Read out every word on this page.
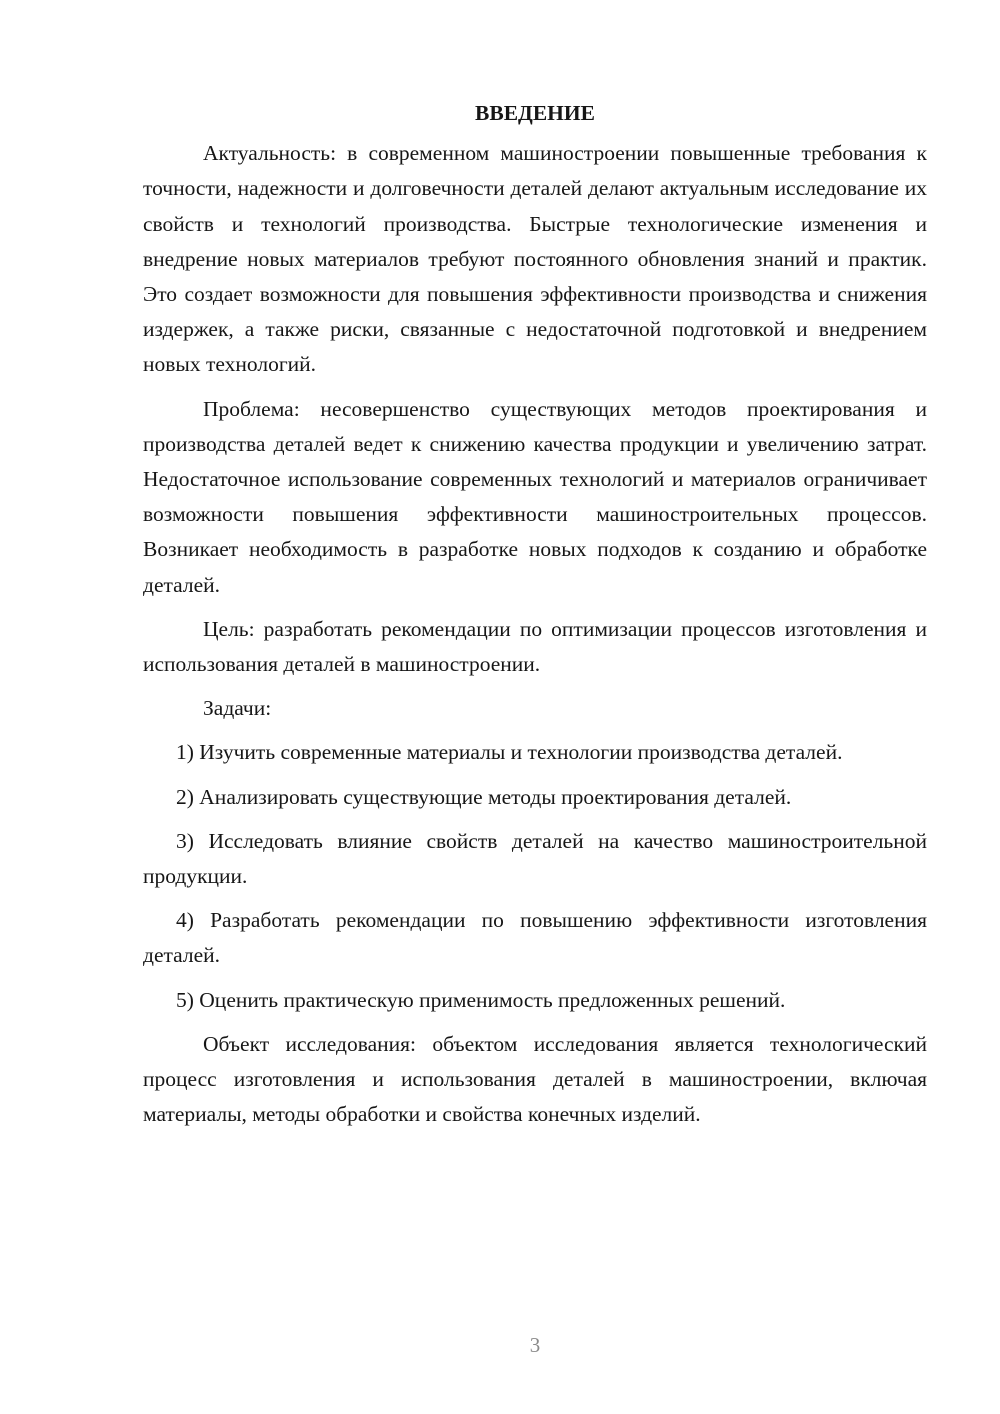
ВВЕДЕНИЕ

Актуальность: в современном машиностроении повышенные требования к точности, надежности и долговечности деталей делают актуальным исследование их свойств и технологий производства. Быстрые технологические изменения и внедрение новых материалов требуют постоянного обновления знаний и практик. Это создает возможности для повышения эффективности производства и снижения издержек, а также риски, связанные с недостаточной подготовкой и внедрением новых технологий.

Проблема: несовершенство существующих методов проектирования и производства деталей ведет к снижению качества продукции и увеличению затрат. Недостаточное использование современных технологий и материалов ограничивает возможности повышения эффективности машиностроительных процессов. Возникает необходимость в разработке новых подходов к созданию и обработке деталей.

Цель: разработать рекомендации по оптимизации процессов изготовления и использования деталей в машиностроении.

Задачи:

1) Изучить современные материалы и технологии производства деталей.

2) Анализировать существующие методы проектирования деталей.

3) Исследовать влияние свойств деталей на качество машиностроительной продукции.

4) Разработать рекомендации по повышению эффективности изготовления деталей.

5) Оценить практическую применимость предложенных решений.

Объект исследования: объектом исследования является технологический процесс изготовления и использования деталей в машиностроении, включая материалы, методы обработки и свойства конечных изделий.

3
